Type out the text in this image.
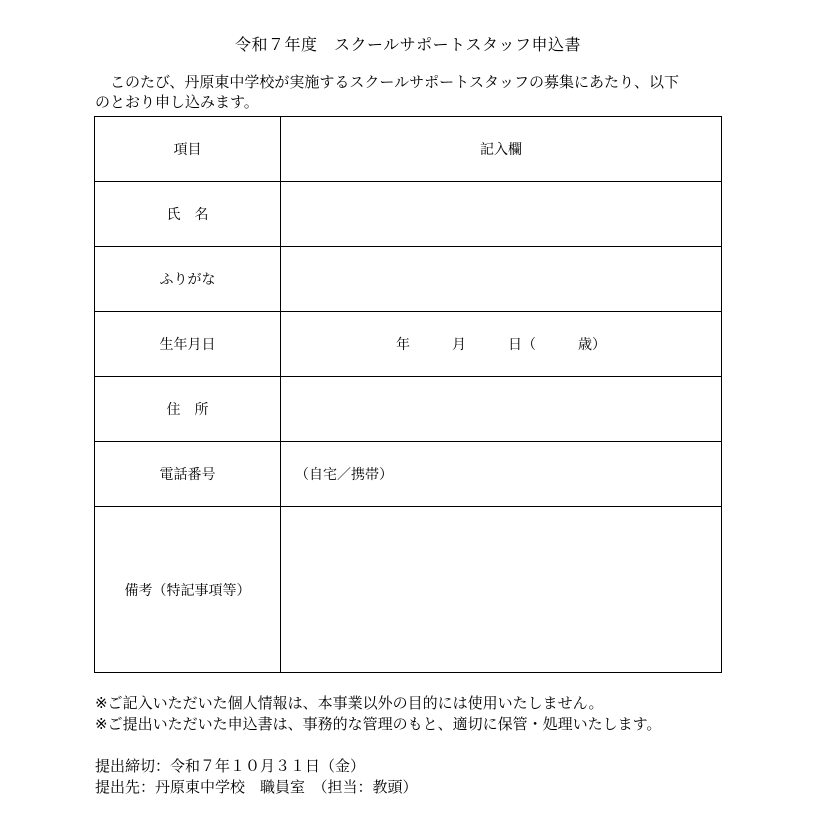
令和７年度　スクールサポートスタッフ申込書
　このたび、丹原東中学校が実施するスクールサポートスタッフの募集にあたり、以下
のとおり申し込みます。
項目	記入欄
氏　名	
ふりがな	
生年月日	年　　　月　　　日（　　　歳）
住　所	
電話番号	（自宅／携帯）
備考（特記事項等）	
※ご記入いただいた個人情報は、本事業以外の目的には使用いたしません。
※ご提出いただいた申込書は、事務的な管理のもと、適切に保管・処理いたします。
提出締切：令和７年１０月３１日（金）
提出先：丹原東中学校　職員室　（担当：教頭）
